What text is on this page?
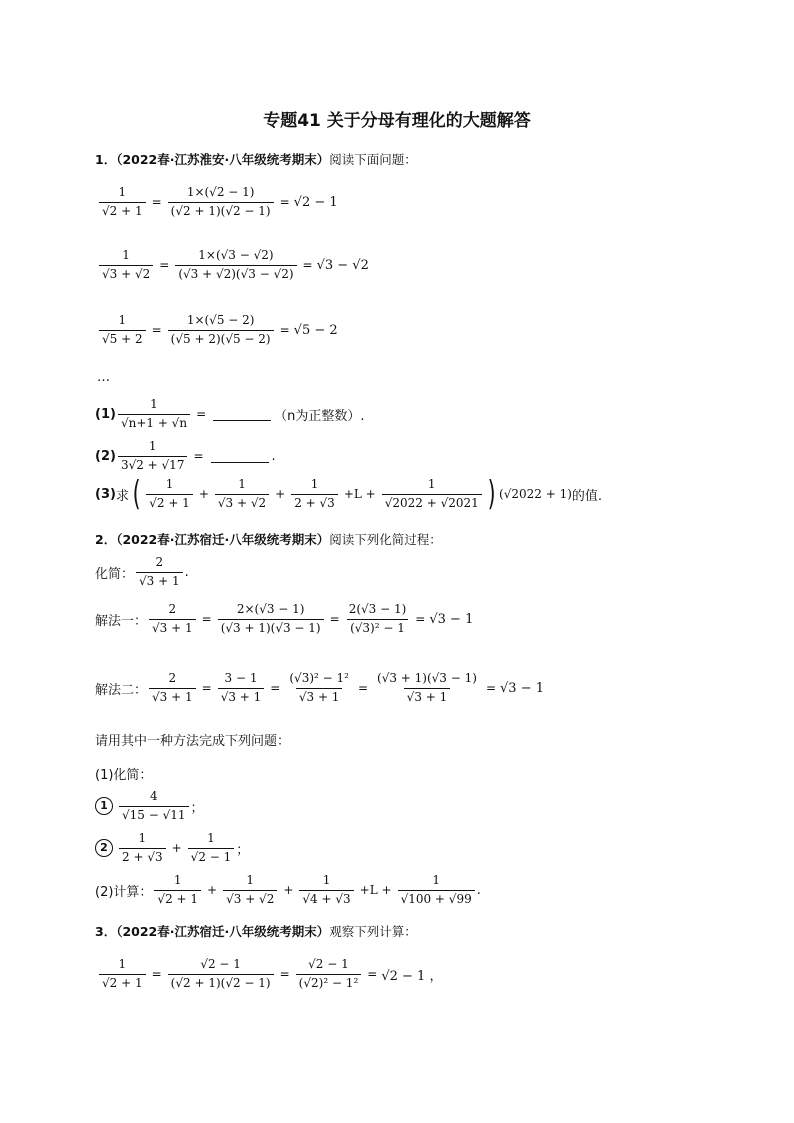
专题41 关于分母有理化的大题解答
1．（2022春·江苏淮安·八年级统考期末）阅读下面问题：
$\frac{1}{√2 + 1} = \frac{1\times(√2 - 1)}{(√2 + 1)(√2 - 1)} = √2 - 1$
$\frac{1}{√3 + √2} = \frac{1\times(√3 - √2)}{(√3 + √2)(√3 - √2)} = √3 - √2$
$\frac{1}{√5 + 2} = \frac{1\times(√5 - 2)}{(√5 + 2)(√5 - 2)} = √5 - 2$
…
$(1) \frac{1}{√n+1 + √n}$ =	（n为正整数）.
$(2) \frac{1}{3√2 + √17}$ =	.
(3) 求 ( $\frac{1}{√2 + 1} + \frac{1}{√3 + √2} + \frac{1}{2 + √3} +L + \frac{1}{√2022 + √2021}$ ) (√2022 + 1) 的值.
2．（2022春·江苏宿迁·八年级统考期末）阅读下列化简过程：
化简： $\frac{2}{√3 + 1}$ .
解法一： $\frac{2}{√3 + 1} = \frac{2\times(√3 - 1)}{(√3 + 1)(√3 - 1)} = \frac{2(√3 - 1)}{\text{(√3)² − 1}} = √3 - 1$
解法二： $\frac{2}{√3 + 1} = \frac{3 - 1}{√3 + 1} = \frac{\text{(√3)² − 1²}}{√3 + 1} = \frac{(√3 + 1)(√3 - 1)}{√3 + 1} = √3 - 1$
请用其中一种方法完成下列问题：
(1)化简：
$1 \frac{4}{√15 - √11}$ ；
$2 \frac{1}{2 + √3} + \frac{1}{√2 - 1}$ ；
(2)计算： $\frac{1}{√2 + 1} + \frac{1}{√3 + √2} + \frac{1}{√4 + √3} +L + \frac{1}{√100 + √99}$ .
3．（2022春·江苏宿迁·八年级统考期末）观察下列计算：
$\frac{1}{√2 + 1} = \frac{√2 - 1}{(√2 + 1)(√2 - 1)} = \frac{√2 - 1}{\text{(√2)² − 1²}} = √2 - 1$ ，
